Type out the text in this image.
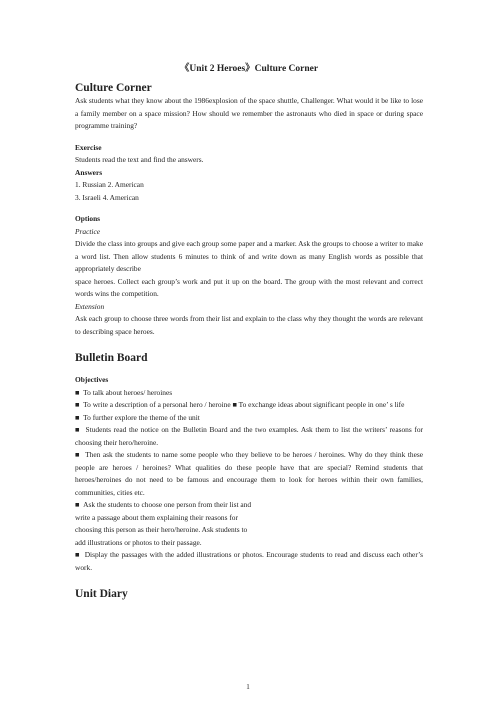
《Unit 2 Heroes》Culture Corner
Culture Corner

Ask students what they know about the 1986explosion of the space shuttle, Challenger. What would it be like to lose a family member on a space mission? How should we remember the astronauts who died in space or during space programme training?

Exercise

Students read the text and find the answers.

Answers

1. Russian 2. American

3. Israeli 4. American

Options

Practice

Divide the class into groups and give each group some paper and a marker. Ask the groups to choose a writer to make a word list. Then allow students 6 minutes to think of and write down as many English words as possible that appropriately describe

space heroes. Collect each group’s work and put it up on the board. The group with the most relevant and correct words wins the competition.

Extension

Ask each group to choose three words from their list and explain to the class why they thought the words are relevant to describing space heroes.

Bulletin Board

Objectives

■ To talk about heroes/ heroines

■ To write a description of a personal hero / heroine ■ To exchange ideas about significant people in one’ s life

■ To further explore the theme of the unit

■ Students read the notice on the Bulletin Board and the two examples. Ask them to list the writers’ reasons for choosing their hero/heroine.

■ Then ask the students to name some people who they believe to be heroes / heroines. Why do they think these people are heroes / heroines? What qualities do these people have that are special? Remind students that heroes/heroines do not need to be famous and encourage them to look for heroes within their own families, communities, cities etc.

■ Ask the students to choose one person from their list and

write a passage about them explaining their reasons for

choosing this person as their hero/heroine. Ask students to

add illustrations or photos to their passage.

■ Display the passages with the added illustrations or photos. Encourage students to read and discuss each other’s work.

Unit Diary
1
